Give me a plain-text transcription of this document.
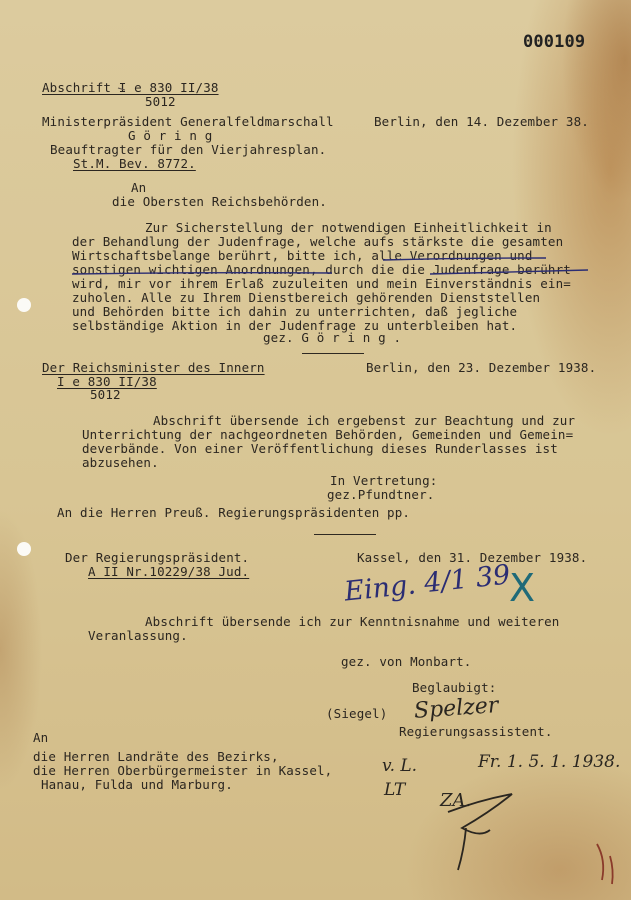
000109
Abschrift I e 830 II/38
5012
Ministerpräsident Generalfeldmarschall	Berlin, den 14. Dezember 38.
G ö r i n g
Beauftragter für den Vierjahresplan.
St.M. Bev. 8772.
An
die Obersten Reichsbehörden.
Zur Sicherstellung der notwendigen Einheitlichkeit in
der Behandlung der Judenfrage, welche aufs stärkste die gesamten
Wirtschaftsbelange berührt, bitte ich, alle Verordnungen und
sonstigen wichtigen Anordnungen, durch die die Judenfrage berührt
wird, mir vor ihrem Erlaß zuzuleiten und mein Einverständnis ein=
zuholen. Alle zu Ihrem Dienstbereich gehörenden Dienststellen
und Behörden bitte ich dahin zu unterrichten, daß jegliche
selbständige Aktion in der Judenfrage zu unterbleiben hat.
gez. G ö r i n g .
Der Reichsminister des Innern	Berlin, den 23. Dezember 1938.
I e 830 II/38
5012
Abschrift übersende ich ergebenst zur Beachtung und zur
Unterrichtung der nachgeordneten Behörden, Gemeinden und Gemein=
deverbände. Von einer Veröffentlichung dieses Runderlasses ist
abzusehen.
In Vertretung:
gez.Pfundtner.
An die Herren Preuß. Regierungspräsidenten pp.
Der Regierungspräsident.	Kassel, den 31. Dezember 1938.
A II Nr.10229/38 Jud.
Abschrift übersende ich zur Kenntnisnahme und weiteren
Veranlassung.
gez. von Monbart.
Beglaubigt:
(Siegel)
Regierungsassistent.
An
die Herren Landräte des Bezirks,
die Herren Oberbürgermeister in Kassel,
Hanau, Fulda und Marburg.
Eing. 4/1 39
X
Spelzer
v. L.	Fr. 1. 5. 1. 1938.
LT ZA.
